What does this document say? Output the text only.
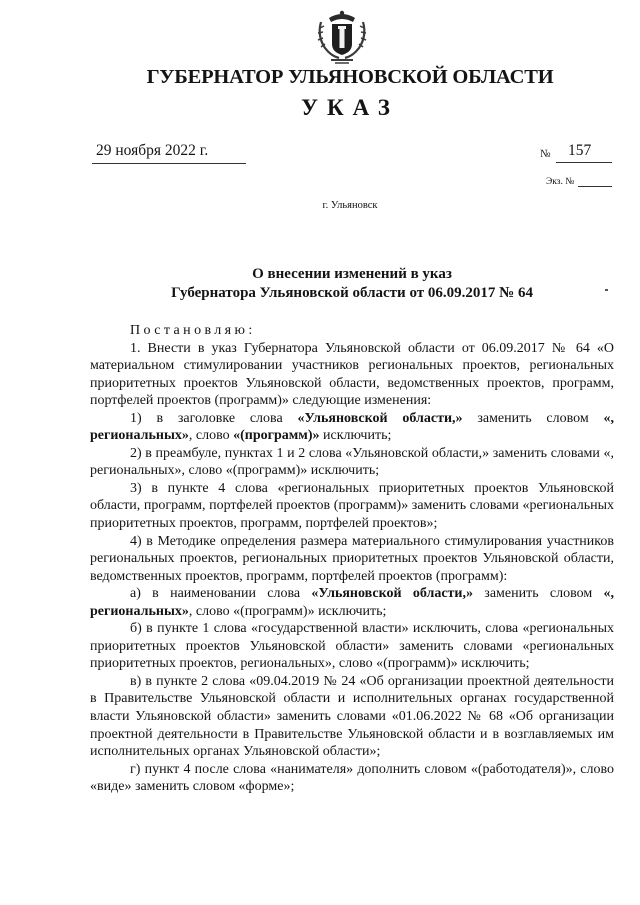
ГУБЕРНАТОР УЛЬЯНОВСКОЙ ОБЛАСТИ
УКАЗ
29 ноября 2022 г.	№ 157
Экз. №
г. Ульяновск
О внесении изменений в указ
Губернатора Ульяновской области от 06.09.2017 № 64

Постановляю:

1. Внести в указ Губернатора Ульяновской области от 06.09.2017 № 64 «О материальном стимулировании участников региональных проектов, региональных приоритетных проектов Ульяновской области, ведомственных проектов, программ, портфелей проектов (программ)» следующие изменения:

1) в заголовке слова «Ульяновской области,» заменить словом «, региональных», слово «(программ)» исключить;

2) в преамбуле, пунктах 1 и 2 слова «Ульяновской области,» заменить словами «, региональных», слово «(программ)» исключить;

3) в пункте 4 слова «региональных приоритетных проектов Ульяновской области, программ, портфелей проектов (программ)» заменить словами «региональных приоритетных проектов, программ, портфелей проектов»;

4) в Методике определения размера материального стимулирования участников региональных проектов, региональных приоритетных проектов Ульяновской области, ведомственных проектов, программ, портфелей проектов (программ):

а) в наименовании слова «Ульяновской области,» заменить словом «, региональных», слово «(программ)» исключить;

б) в пункте 1 слова «государственной власти» исключить, слова «региональных приоритетных проектов Ульяновской области» заменить словами «региональных приоритетных проектов, региональных», слово «(программ)» исключить;

в) в пункте 2 слова «09.04.2019 № 24 «Об организации проектной деятельности в Правительстве Ульяновской области и исполнительных органах государственной власти Ульяновской области» заменить словами «01.06.2022 № 68 «Об организации проектной деятельности в Правительстве Ульяновской области и в возглавляемых им исполнительных органах Ульяновской области»;

г) пункт 4 после слова «нанимателя» дополнить словом «(работодателя)», слово «виде» заменить словом «форме»;
